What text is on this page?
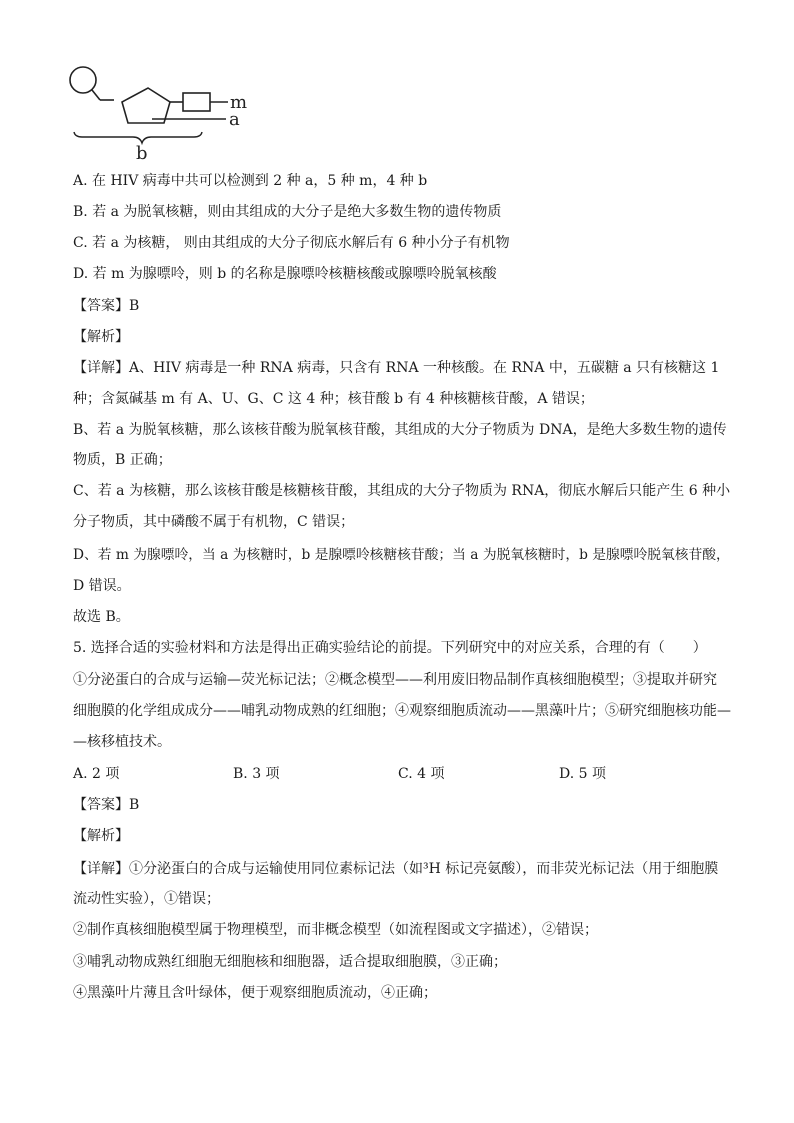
m
a
b
A. 在 HIV 病毒中共可以检测到 2 种 a，5 种 m，4 种 b
B. 若 a 为脱氧核糖，则由其组成的大分子是绝大多数生物的遗传物质
C. 若 a 为核糖， 则由其组成的大分子彻底水解后有 6 种小分子有机物
D. 若 m 为腺嘌呤，则 b 的名称是腺嘌呤核糖核酸或腺嘌呤脱氧核酸
【答案】B
【解析】
【详解】A、HIV 病毒是一种 RNA 病毒，只含有 RNA 一种核酸。在 RNA 中，五碳糖 a 只有核糖这 1
种；含氮碱基 m 有 A、U、G、C 这 4 种；核苷酸 b 有 4 种核糖核苷酸，A 错误；
B、若 a 为脱氧核糖，那么该核苷酸为脱氧核苷酸，其组成的大分子物质为 DNA，是绝大多数生物的遗传
物质，B 正确；
C、若 a 为核糖，那么该核苷酸是核糖核苷酸，其组成的大分子物质为 RNA，彻底水解后只能产生 6 种小
分子物质，其中磷酸不属于有机物，C 错误；
D、若 m 为腺嘌呤，当 a 为核糖时，b 是腺嘌呤核糖核苷酸；当 a 为脱氧核糖时，b 是腺嘌呤脱氧核苷酸，
D 错误。
故选 B。
5. 选择合适的实验材料和方法是得出正确实验结论的前提。下列研究中的对应关系，合理的有（　　）
①分泌蛋白的合成与运输—荧光标记法；②概念模型——利用废旧物品制作真核细胞模型；③提取并研究
细胞膜的化学组成成分——哺乳动物成熟的红细胞；④观察细胞质流动——黑藻叶片；⑤研究细胞核功能—
—核移植技术。
A. 2 项	B. 3 项	C. 4 项	D. 5 项
【答案】B
【解析】
【详解】①分泌蛋白的合成与运输使用同位素标记法（如³H 标记亮氨酸），而非荧光标记法（用于细胞膜
流动性实验），①错误；
②制作真核细胞模型属于物理模型，而非概念模型（如流程图或文字描述），②错误；
③哺乳动物成熟红细胞无细胞核和细胞器，适合提取细胞膜，③正确；
④黑藻叶片薄且含叶绿体，便于观察细胞质流动，④正确；
